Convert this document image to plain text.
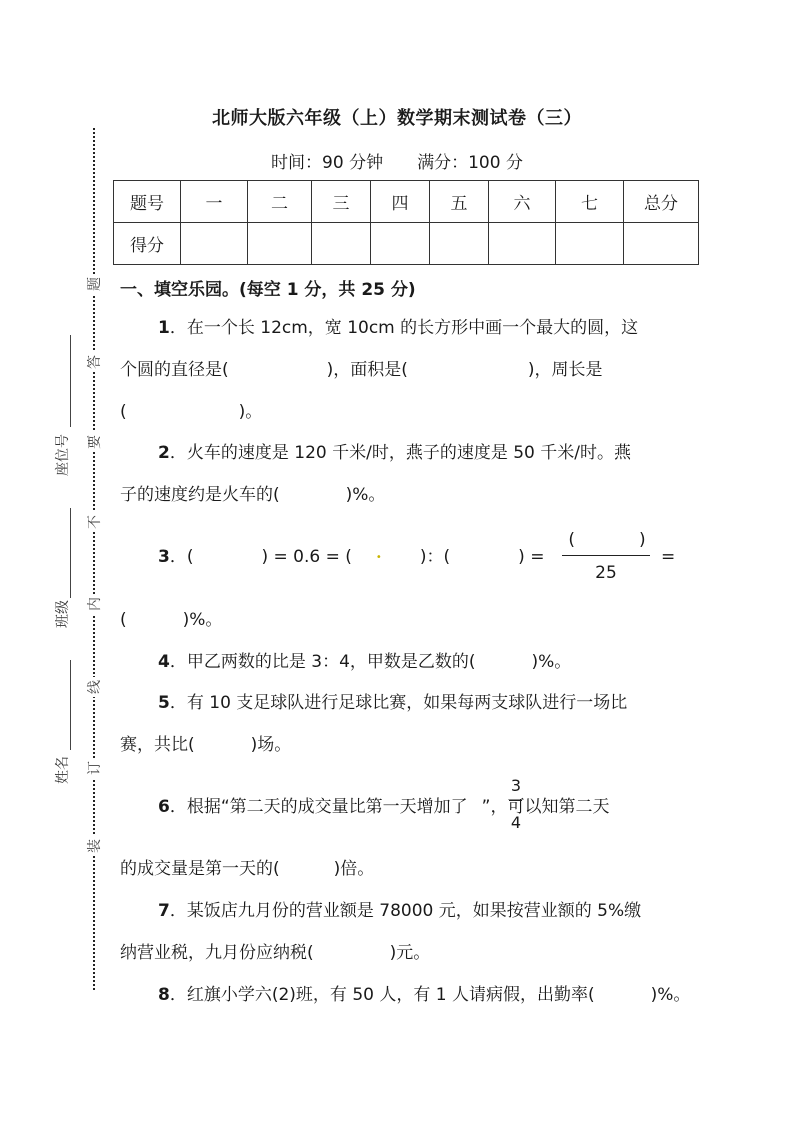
北师大版六年级（上）数学期末测试卷（三）
时间：90 分钟 满分：100 分
题号	一	二	三	四	五	六	七	总分
得分								
一、填空乐园。(每空 1 分，共 25 分)
1．在一个长 12cm，宽 10cm 的长方形中画一个最大的圆，这
个圆的直径是(	)，面积是(	)，周长是
(	)。
2．火车的速度是 120 千米/时，燕子的速度是 50 千米/时。燕
子的速度约是火车的(	)%。
3．(	) = 0.6 = ( • )：(	) =
(	)
25
=
(	)%。
4．甲乙两数的比是 3：4，甲数是乙数的(	)%。
5．有 10 支足球队进行足球比赛，如果每两支球队进行一场比
赛，共比(	)场。
6．根据“第二天的成交量比第一天增加了 ”，可以知第二天
3
4
的成交量是第一天的(	)倍。
7．某饭店九月份的营业额是 78000 元，如果按营业额的 5%缴
纳营业税，九月份应纳税(	)元。
8．红旗小学六(2)班，有 50 人，有 1 人请病假，出勤率(	)%。
题
答
要
不
内
线
订
装
座位号
班级
姓名
